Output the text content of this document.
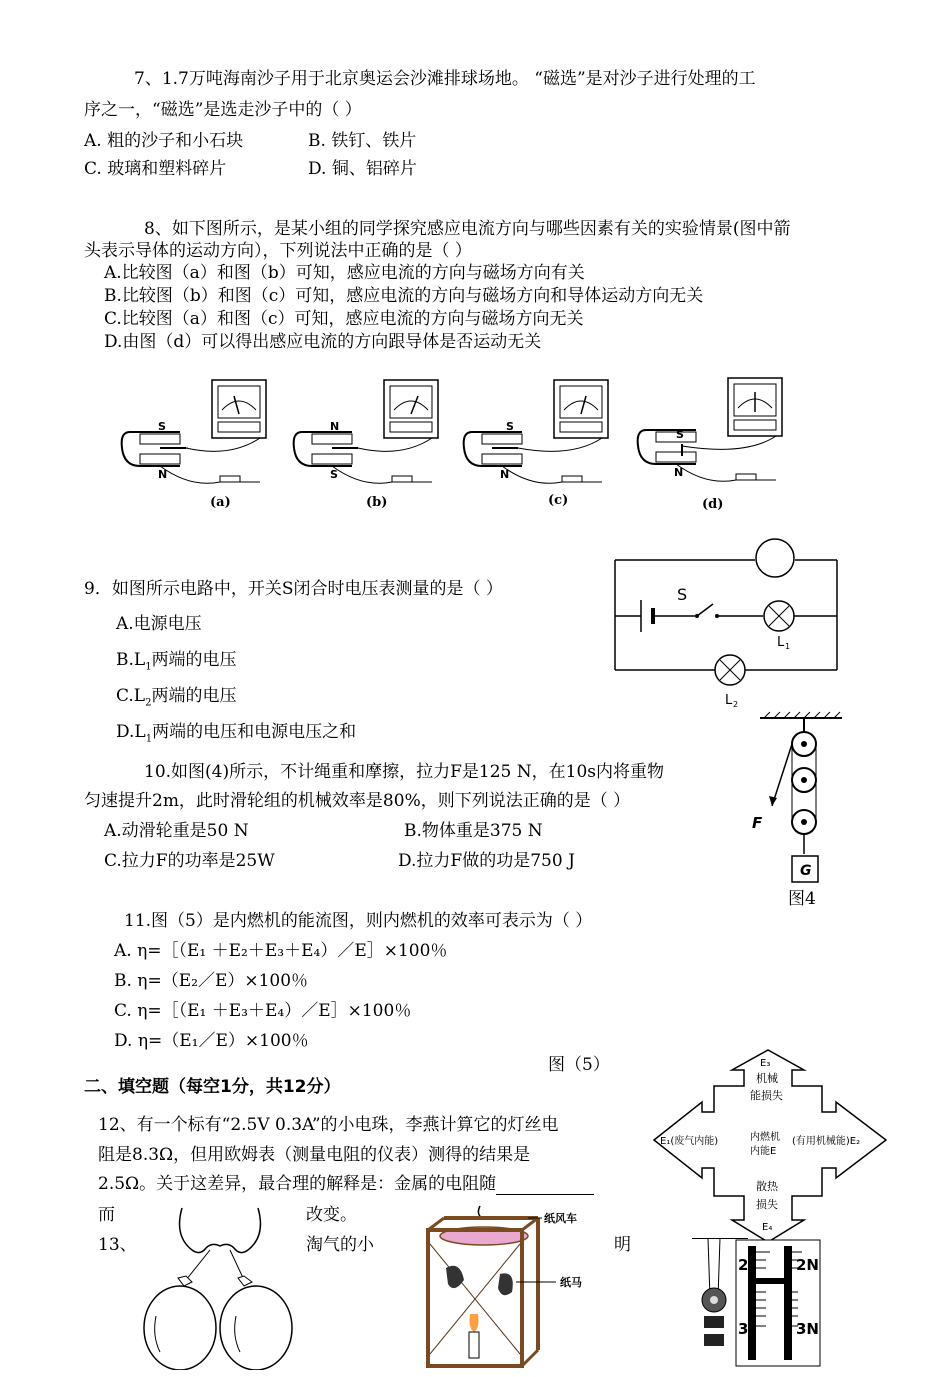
7、1.7万吨海南沙子用于北京奥运会沙滩排球场地。 “磁选”是对沙子进行处理的工
序之一，“磁选”是选走沙子中的（ ）
A. 粗的沙子和小石块	B. 铁钉、铁片
C. 玻璃和塑料碎片	D. 铜、铝碎片
8、如下图所示，是某小组的同学探究感应电流方向与哪些因素有关的实验情景(图中箭
头表示导体的运动方向），下列说法中正确的是（ ）
A.比较图（a）和图（b）可知，感应电流的方向与磁场方向有关
B.比较图（b）和图（c）可知，感应电流的方向与磁场方向和导体运动方向无关
C.比较图（a）和图（c）可知，感应电流的方向与磁场方向无关
D.由图（d）可以得出感应电流的方向跟导体是否运动无关
S
N
(a)
N
S
(b)
S
N
(c)
S
N
(d)
9．如图所示电路中，开关S闭合时电压表测量的是（ ）
A.电源电压
$B.L_1$两端的电压
$C.L_2$两端的电压
$D.L_1$两端的电压和电源电压之和
S
L 1
L 2
10.如图(4)所示，不计绳重和摩擦，拉力F是125 N，在10s内将重物
匀速提升2m，此时滑轮组的机械效率是80%，则下列说法正确的是（ ）
A.动滑轮重是50 N	B.物体重是375 N
C.拉力F的功率是25W	D.拉力F做的功是750 J	G
F
图4
11.图（5）是内燃机的能流图，则内燃机的效率可表示为（ ）
A. η=［（E₁ ＋E₂＋E₃＋E₄）／E］×100％
B. η=（E₂／E）×100％
C. η=［（E₁ ＋E₃＋E₄）／E］×100％
D. η=（E₁／E）×100％
图（5）	E₃
机械
能损失
E₁(废气内能)	内燃机
内能E
(有用机械能)E₂
散热
损失
E₄
二、填空题（每空1分，共12分）
12、有一个标有“2.5V 0.3A”的小电珠，李燕计算它的灯丝电
阻是8.3Ω，但用欧姆表（测量电阻的仪表）测得的结果是
2.5Ω。关于这差异，最合理的解释是：金属的电阻随
而	改变。
13、	淘气的小	明
纸风车
纸马
2	2N
3	3N
